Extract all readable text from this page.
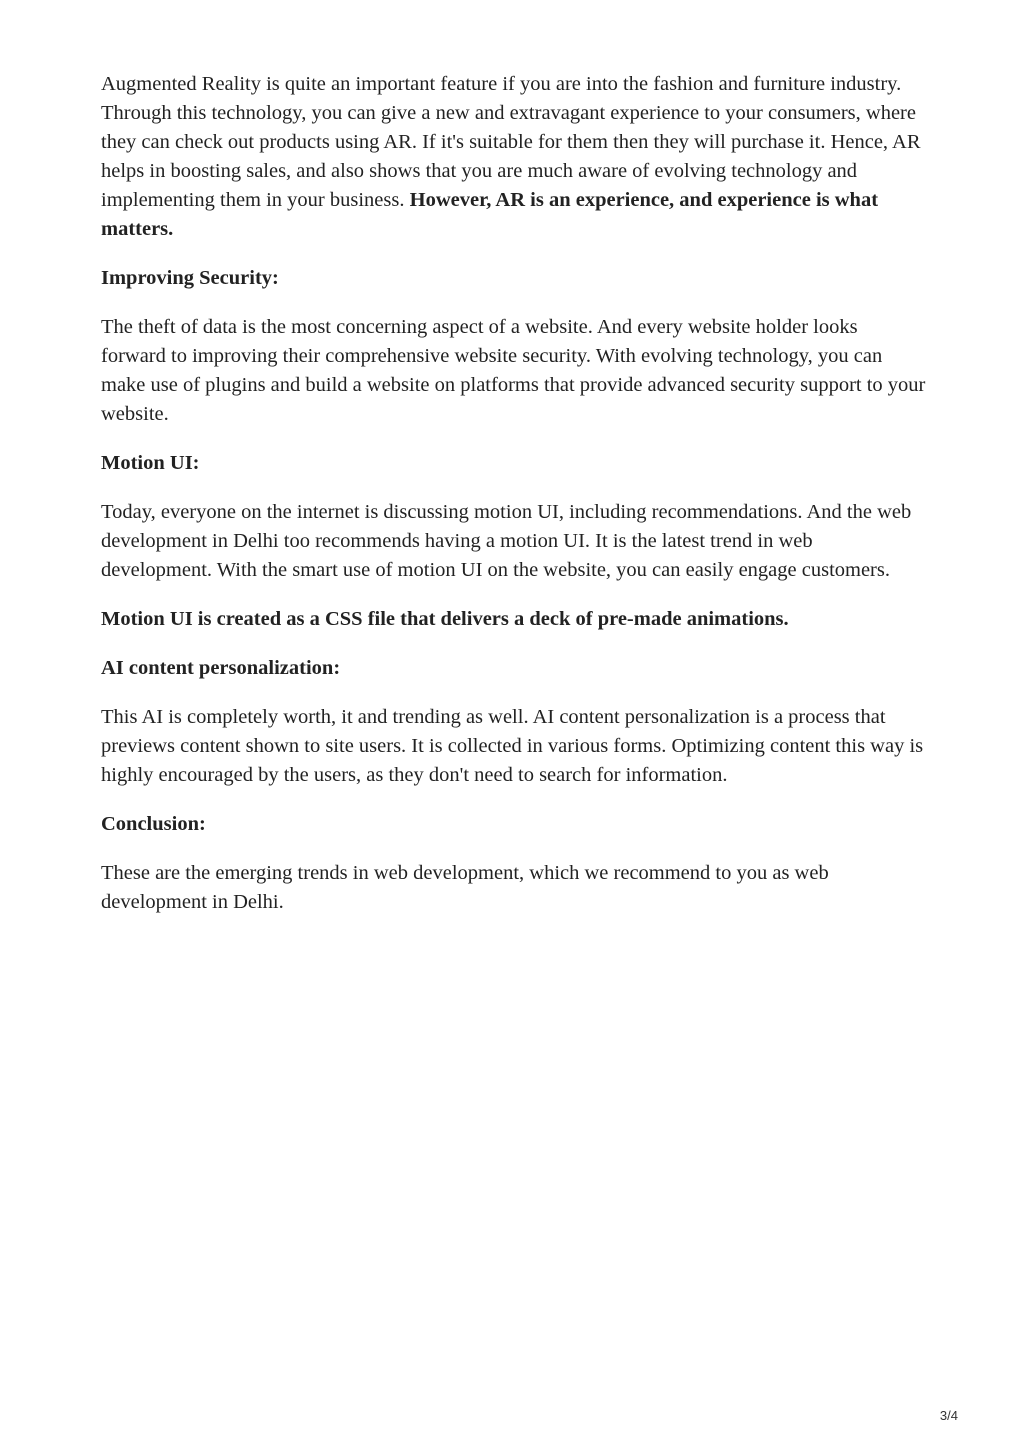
Augmented Reality is quite an important feature if you are into the fashion and furniture industry. Through this technology, you can give a new and extravagant experience to your consumers, where they can check out products using AR. If it's suitable for them then they will purchase it. Hence, AR helps in boosting sales, and also shows that you are much aware of evolving technology and implementing them in your business. However, AR is an experience, and experience is what matters.

Improving Security:

The theft of data is the most concerning aspect of a website. And every website holder looks forward to improving their comprehensive website security. With evolving technology, you can make use of plugins and build a website on platforms that provide advanced security support to your website.

Motion UI:

Today, everyone on the internet is discussing motion UI, including recommendations. And the web development in Delhi too recommends having a motion UI. It is the latest trend in web development. With the smart use of motion UI on the website, you can easily engage customers.

Motion UI is created as a CSS file that delivers a deck of pre-made animations.

AI content personalization:

This AI is completely worth, it and trending as well. AI content personalization is a process that previews content shown to site users. It is collected in various forms. Optimizing content this way is highly encouraged by the users, as they don't need to search for information.

Conclusion:

These are the emerging trends in web development, which we recommend to you as web development in Delhi.

3/4
